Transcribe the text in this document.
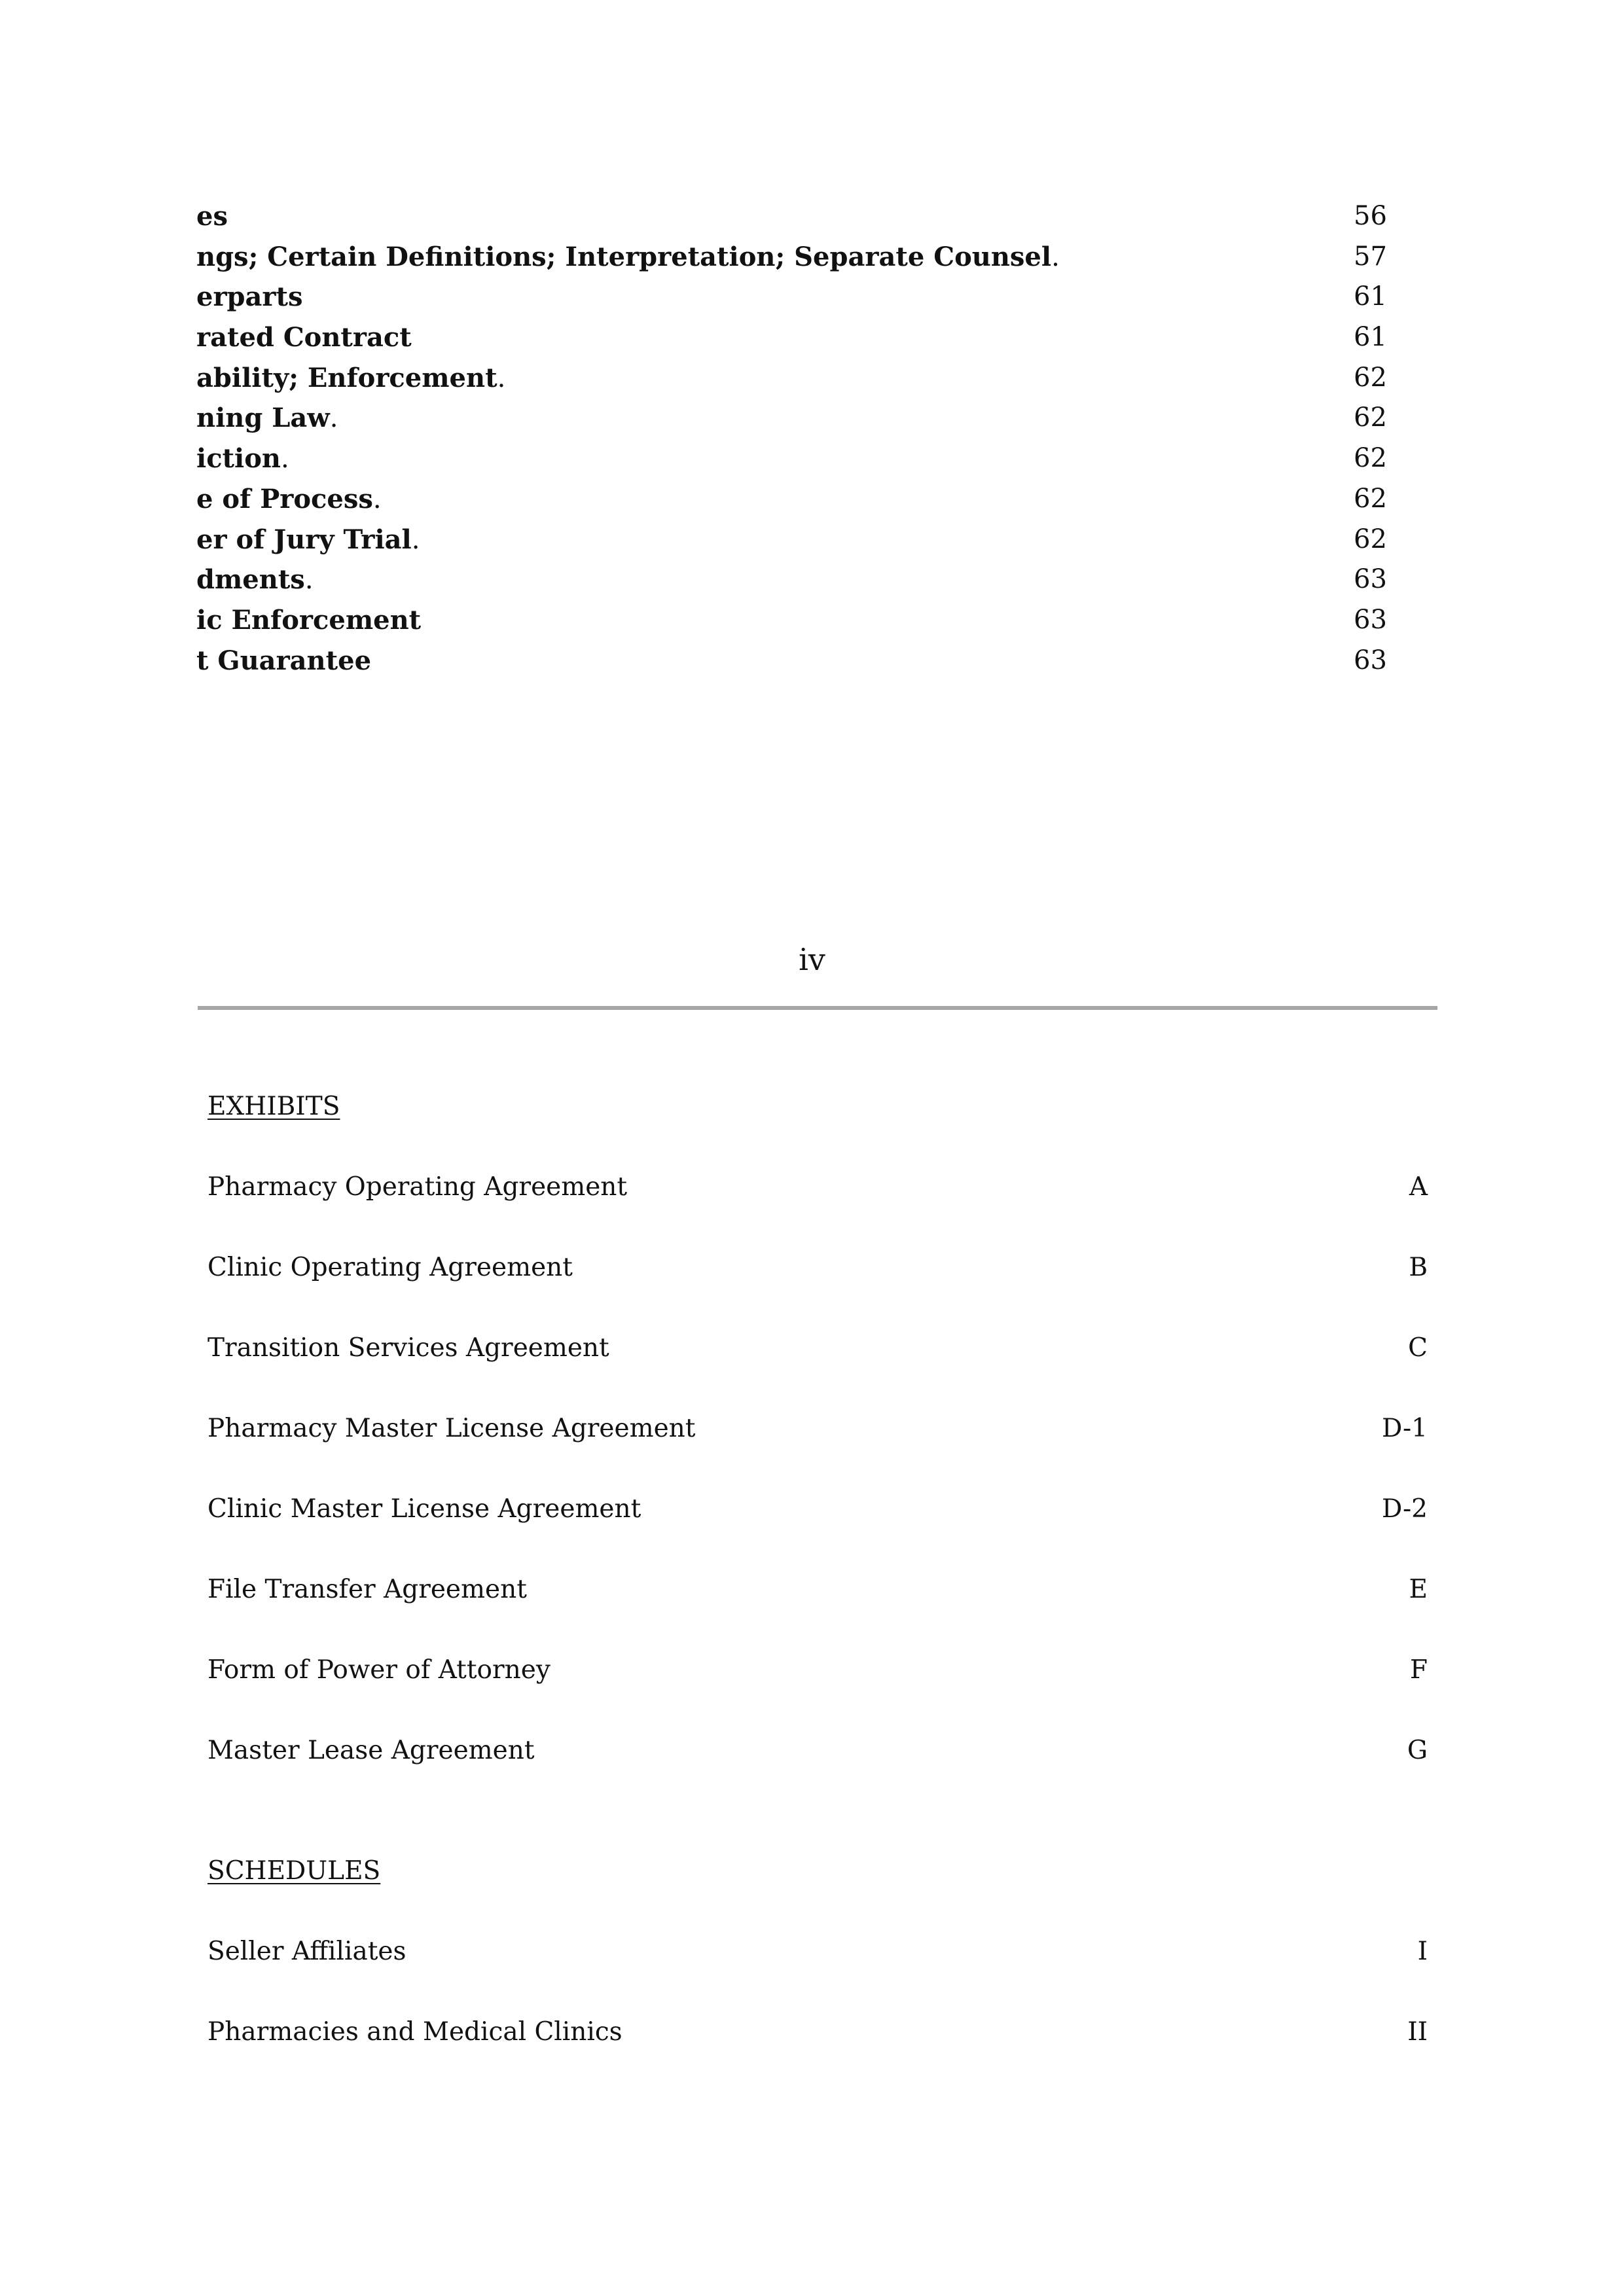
es	56
ngs; Certain Definitions; Interpretation; Separate Counsel.	57
erparts	61
rated Contract	61
ability; Enforcement.	62
ning Law.	62
iction.	62
e of Process.	62
er of Jury Trial.	62
dments.	63
ic Enforcement	63
t Guarantee	63
iv
EXHIBITS
Pharmacy Operating Agreement	A
Clinic Operating Agreement	B
Transition Services Agreement	C
Pharmacy Master License Agreement	D-1
Clinic Master License Agreement	D-2
File Transfer Agreement	E
Form of Power of Attorney	F
Master Lease Agreement	G
SCHEDULES
Seller Affiliates	I
Pharmacies and Medical Clinics	II
